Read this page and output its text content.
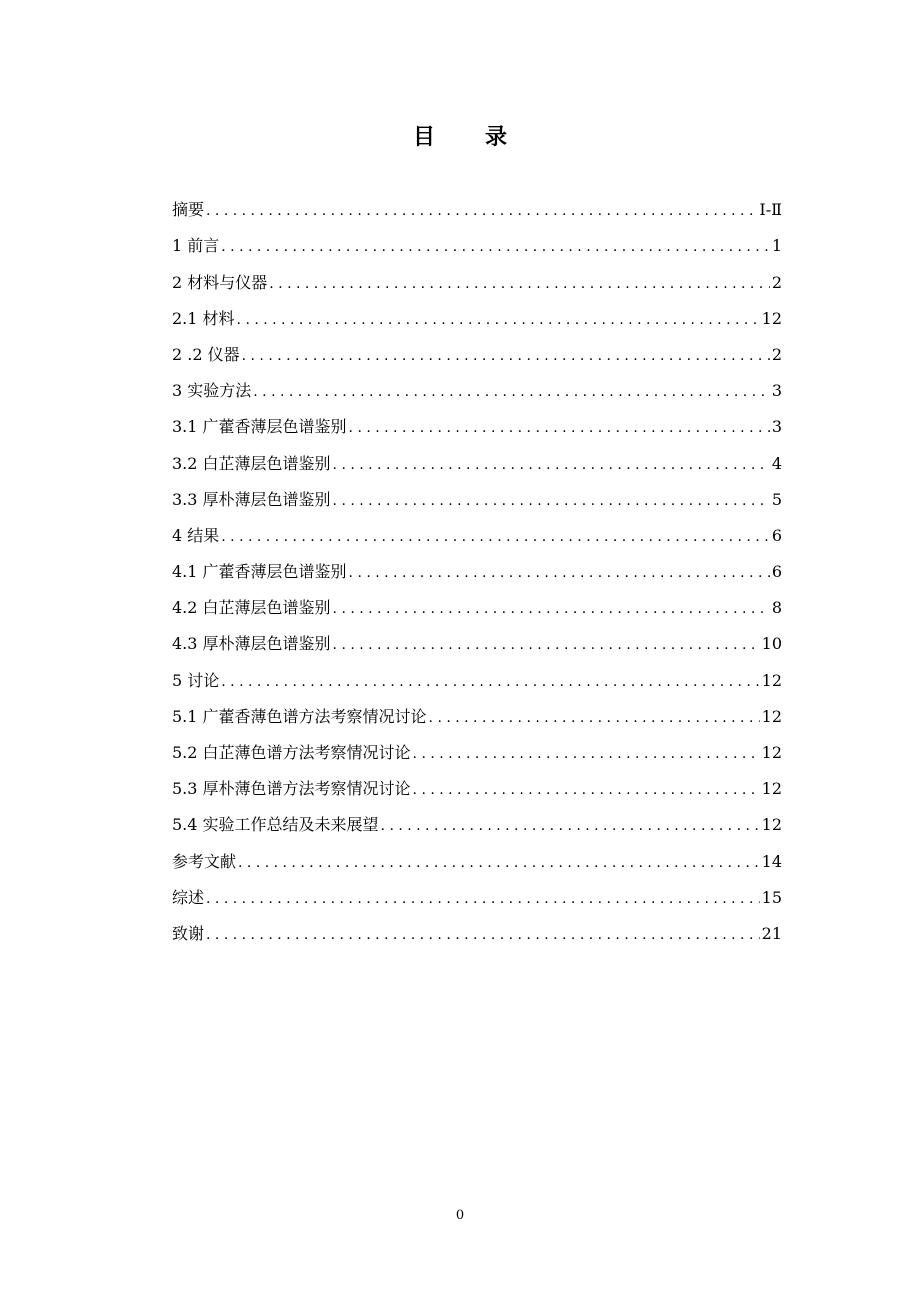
目 录
摘要 . . .	Ⅰ-Ⅱ
1 前言 . . .	1
2 材料与仪器 . . .	2
2.1 材料 . . .	12
2 .2 仪器 . . .	2
3 实验方法 . . .	3
3.1 广藿香薄层色谱鉴别 . . .	3
3.2 白芷薄层色谱鉴别 . . .	4
3.3 厚朴薄层色谱鉴别 . . .	5
4 结果 . . .	6
4.1 广藿香薄层色谱鉴别 . . .	6
4.2 白芷薄层色谱鉴别 . . .	8
4.3 厚朴薄层色谱鉴别 . . .	10
5 讨论 . . .	12
5.1 广藿香薄色谱方法考察情况讨论 . . .	12
5.2 白芷薄色谱方法考察情况讨论 . . .	12
5.3 厚朴薄色谱方法考察情况讨论 . . .	12
5.4 实验工作总结及未来展望 . . .	12
参考文献 . . .	14
综述 . . .	15
致谢 . . .	21
0
